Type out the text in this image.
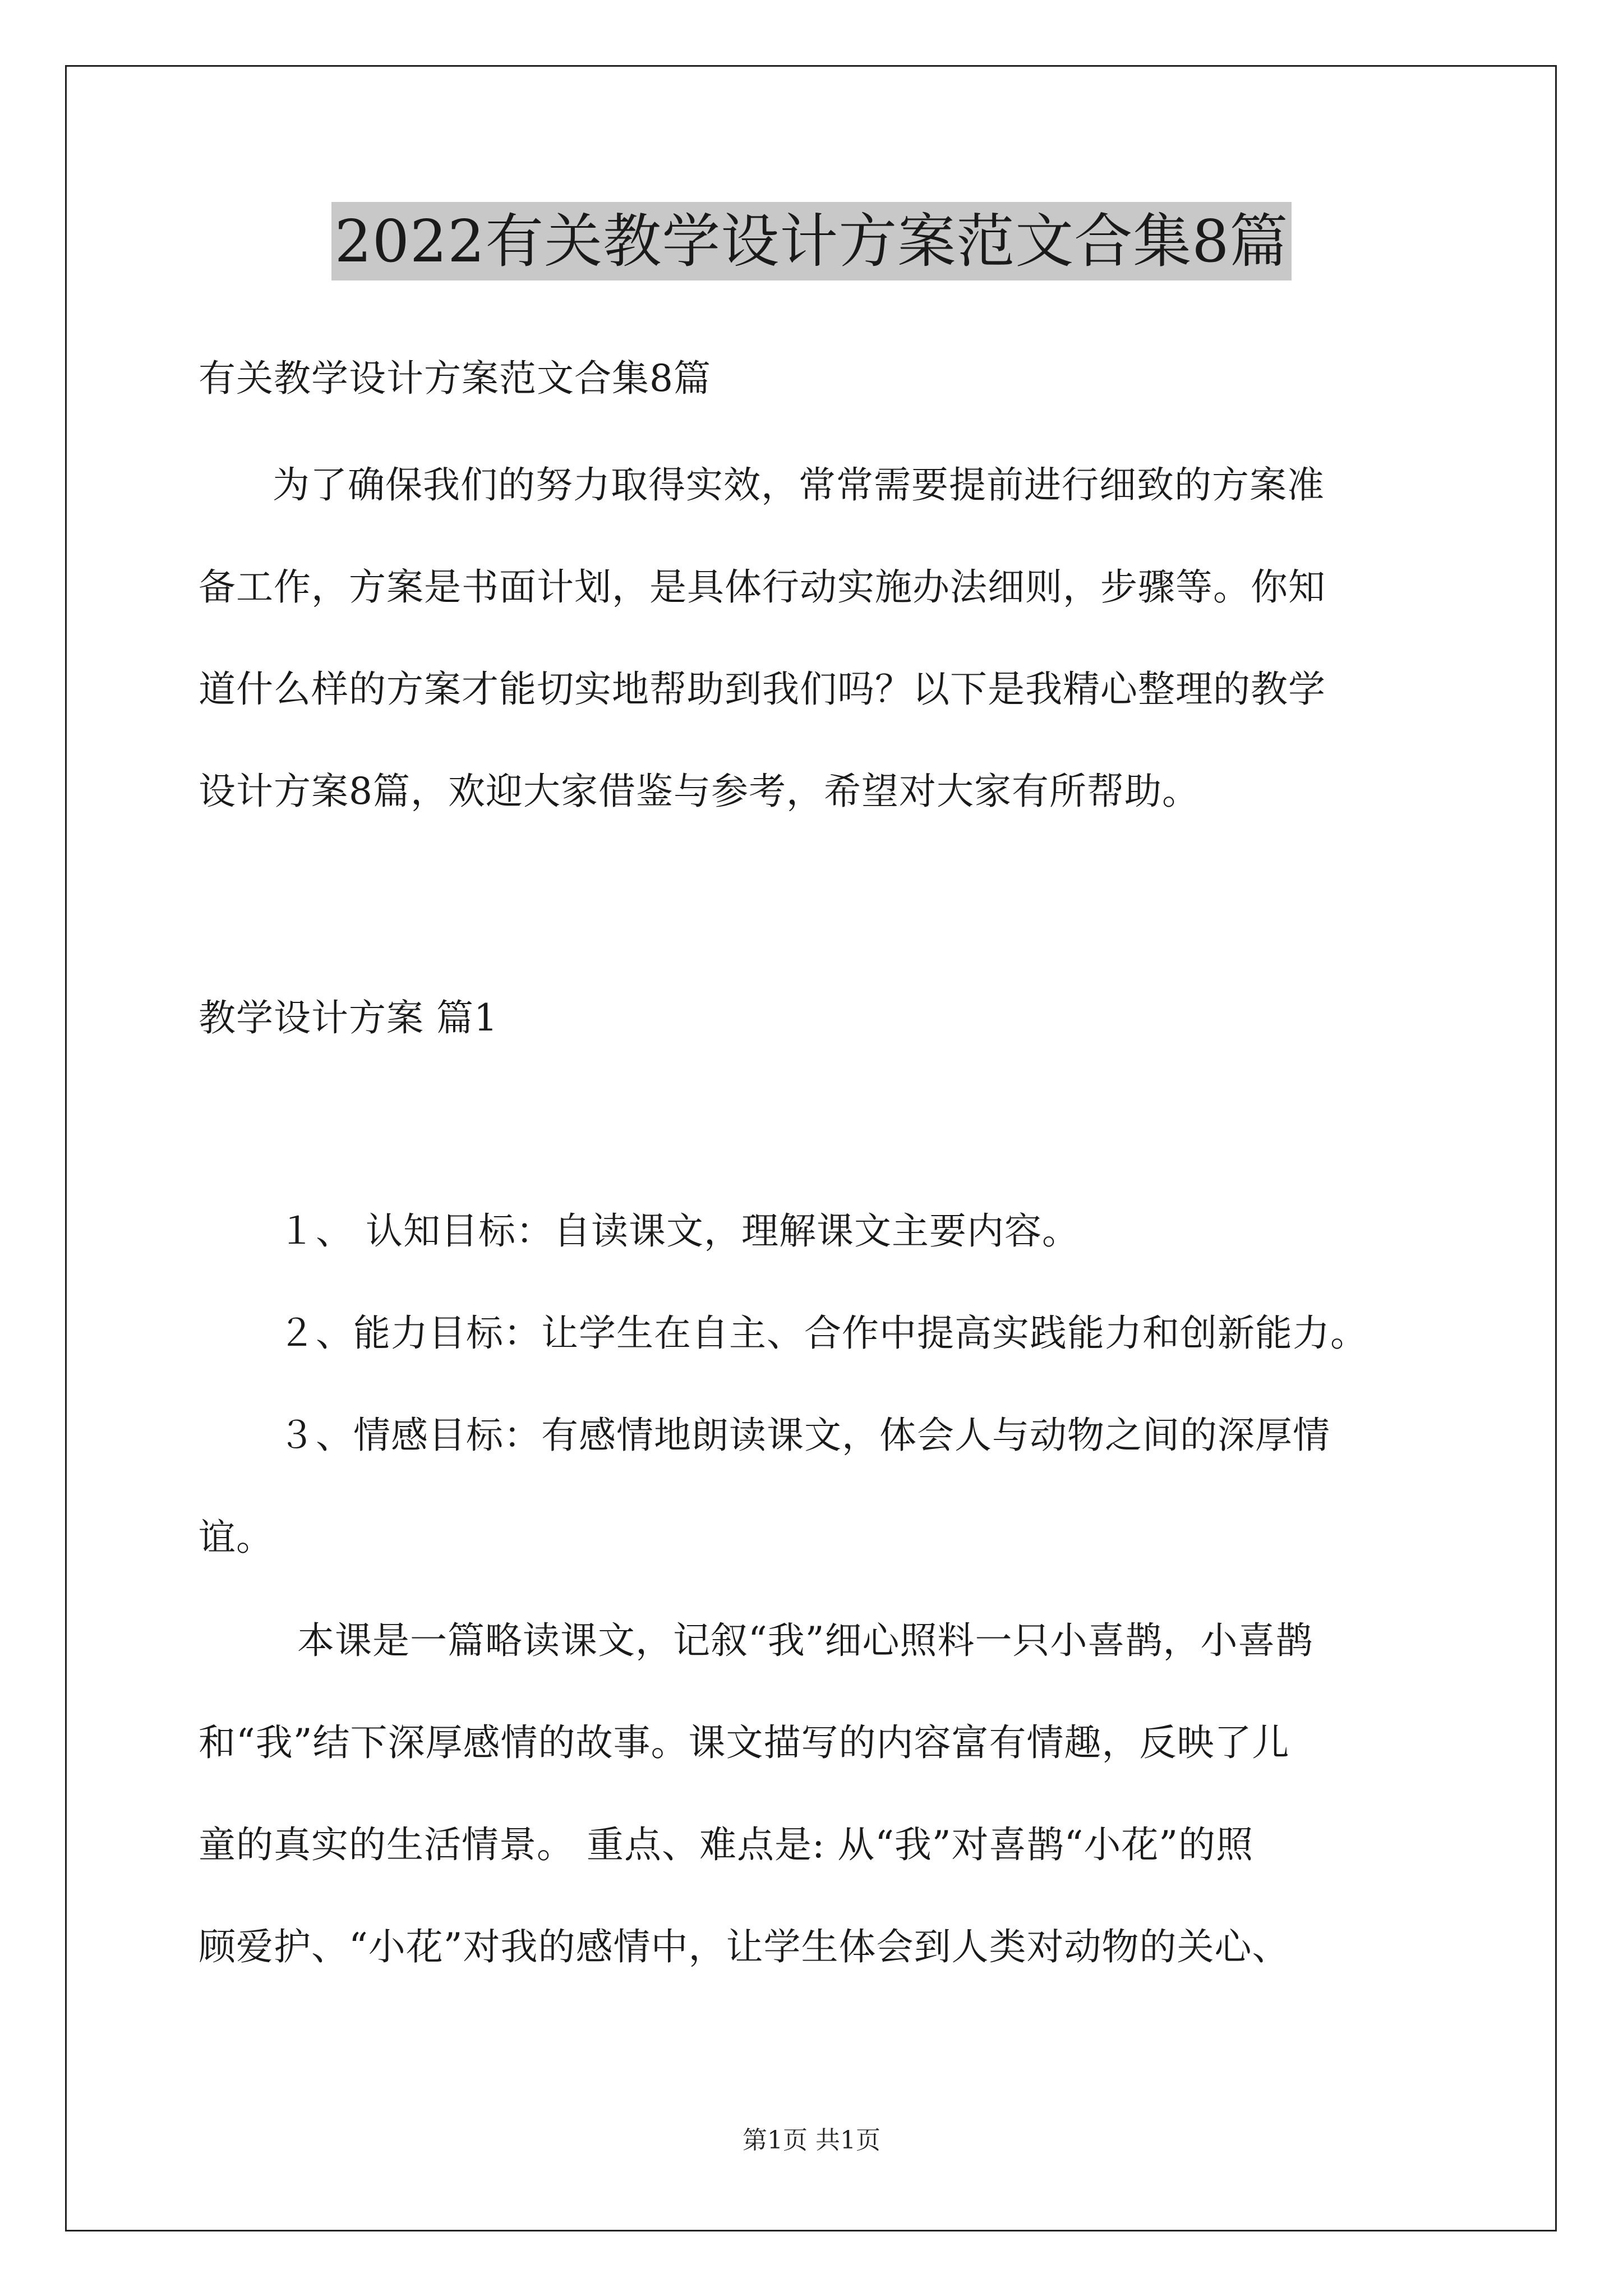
2022有关教学设计方案范文合集8篇
有关教学设计方案范文合集8篇
为了确保我们的努力取得实效，常常需要提前进行细致的方案准
备工作，方案是书面计划，是具体行动实施办法细则，步骤等。你知
道什么样的方案才能切实地帮助到我们吗？以下是我精心整理的教学
设计方案8篇，欢迎大家借鉴与参考，希望对大家有所帮助。
教学设计方案 篇1
１、 认知目标：自读课文，理解课文主要内容。
２、能力目标：让学生在自主、合作中提高实践能力和创新能力。
３、情感目标：有感情地朗读课文，体会人与动物之间的深厚情
谊。
本课是一篇略读课文，记叙“我”细心照料一只小喜鹊，小喜鹊
和“我”结下深厚感情的故事。课文描写的内容富有情趣，反映了儿
童的真实的生活情景。 重点、难点是: 从“我”对喜鹊“小花”的照
顾爱护、“小花”对我的感情中，让学生体会到人类对动物的关心、
第1页 共1页
